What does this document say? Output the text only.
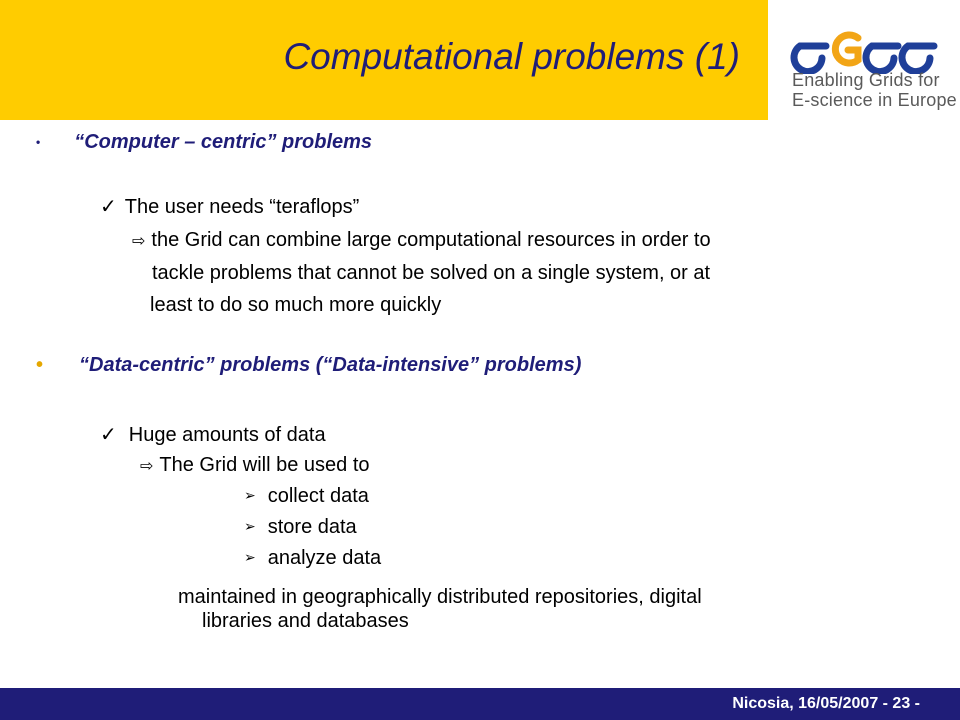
Computational problems (1)
Enabling Grids for
E-science in Europe
• “Computer – centric” problems
✓ The user needs “teraflops”
⇨ the Grid can combine large computational resources in order to
tackle problems that cannot be solved on a single system, or at
least to do so much more quickly
• “Data-centric” problems (“Data-intensive” problems)
✓ Huge amounts of data
⇨ The Grid will be used to
➢ collect data
➢ store data
➢ analyze data
maintained in geographically distributed repositories, digital
libraries and databases
Nicosia, 16/05/2007 - 23 -
